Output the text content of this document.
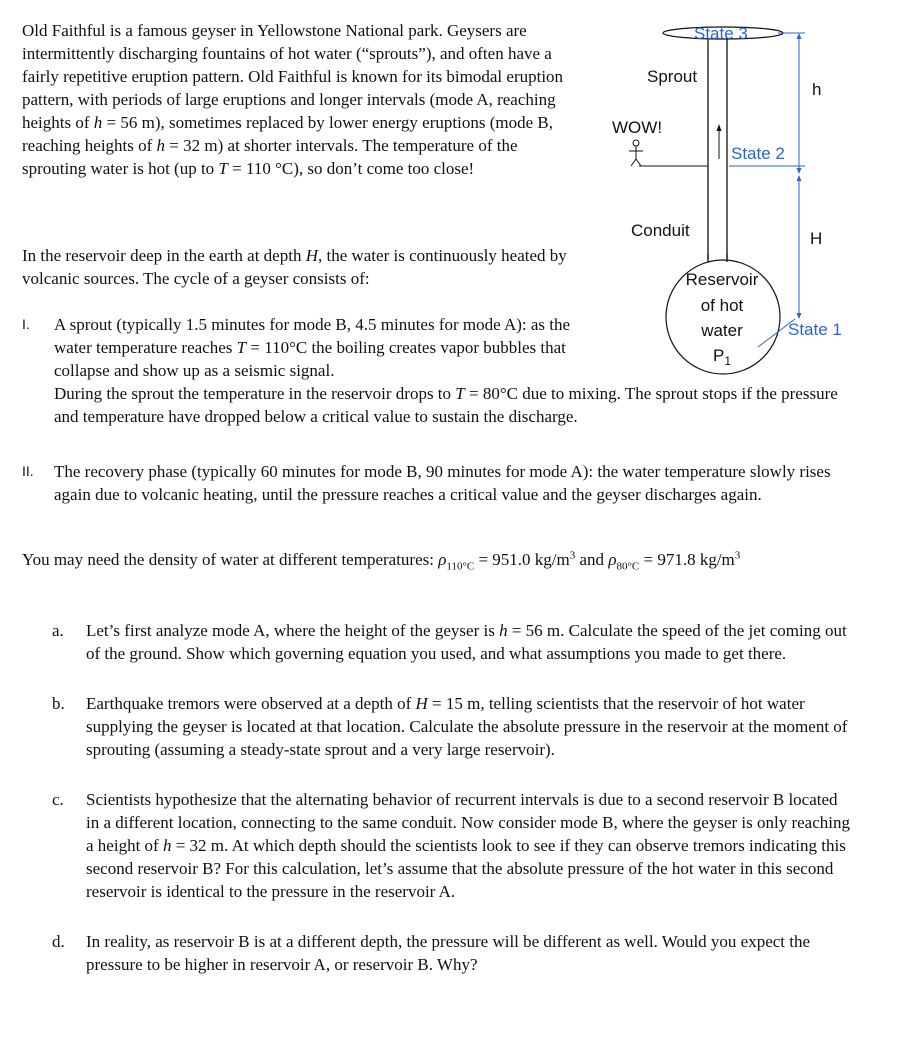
Old Faithful is a famous geyser in Yellowstone National park. Geysers are intermittently discharging fountains of hot water (“sprouts”), and often have a fairly repetitive eruption pattern. Old Faithful is known for its bimodal eruption pattern, with periods of large eruptions and longer intervals (mode A, reaching heights of h = 56 m), sometimes replaced by lower energy eruptions (mode B, reaching heights of h = 32 m) at shorter intervals. The temperature of the sprouting water is hot (up to T = 110 °C), so don’t come too close!

In the reservoir deep in the earth at depth H, the water is continuously heated by volcanic sources. The cycle of a geyser consists of:

I. A sprout (typically 1.5 minutes for mode B, 4.5 minutes for mode A): as the water temperature reaches T = 110°C the boiling creates vapor bubbles that collapse and show up as a seismic signal.
During the sprout the temperature in the reservoir drops to T = 80°C due to mixing. The sprout stops if the pressure and temperature have dropped below a critical value to sustain the discharge.
II. The recovery phase (typically 60 minutes for mode B, 90 minutes for mode A): the water temperature slowly rises again due to volcanic heating, until the pressure reaches a critical value and the geyser discharges again.

You may need the density of water at different temperatures: $\rho_{110^\circ C} = 951.0$ $kg/m^3$ and $\rho_{80^\circ C} = 971.8$ $kg/m^3$

a. Let’s first analyze mode A, where the height of the geyser is h = 56 m. Calculate the speed of the jet coming out of the ground. Show which governing equation you used, and what assumptions you made to get there.
b. Earthquake tremors were observed at a depth of H = 15 m, telling scientists that the reservoir of hot water supplying the geyser is located at that location. Calculate the absolute pressure in the reservoir at the moment of sprouting (assuming a steady-state sprout and a very large reservoir).
c. Scientists hypothesize that the alternating behavior of recurrent intervals is due to a second reservoir B located in a different location, connecting to the same conduit. Now consider mode B, where the geyser is only reaching a height of h = 32 m. At which depth should the scientists look to see if they can observe tremors indicating this second reservoir B? For this calculation, let’s assume that the absolute pressure of the hot water in this second reservoir is identical to the pressure in the reservoir A.
d. In reality, as reservoir B is at a different depth, the pressure will be different as well. Would you expect the pressure to be higher in reservoir A, or reservoir B. Why?
State 3
Sprout
h
WOW!
State 2
Conduit	H
Reservoir
of hot
water
$P_1$
State 1
